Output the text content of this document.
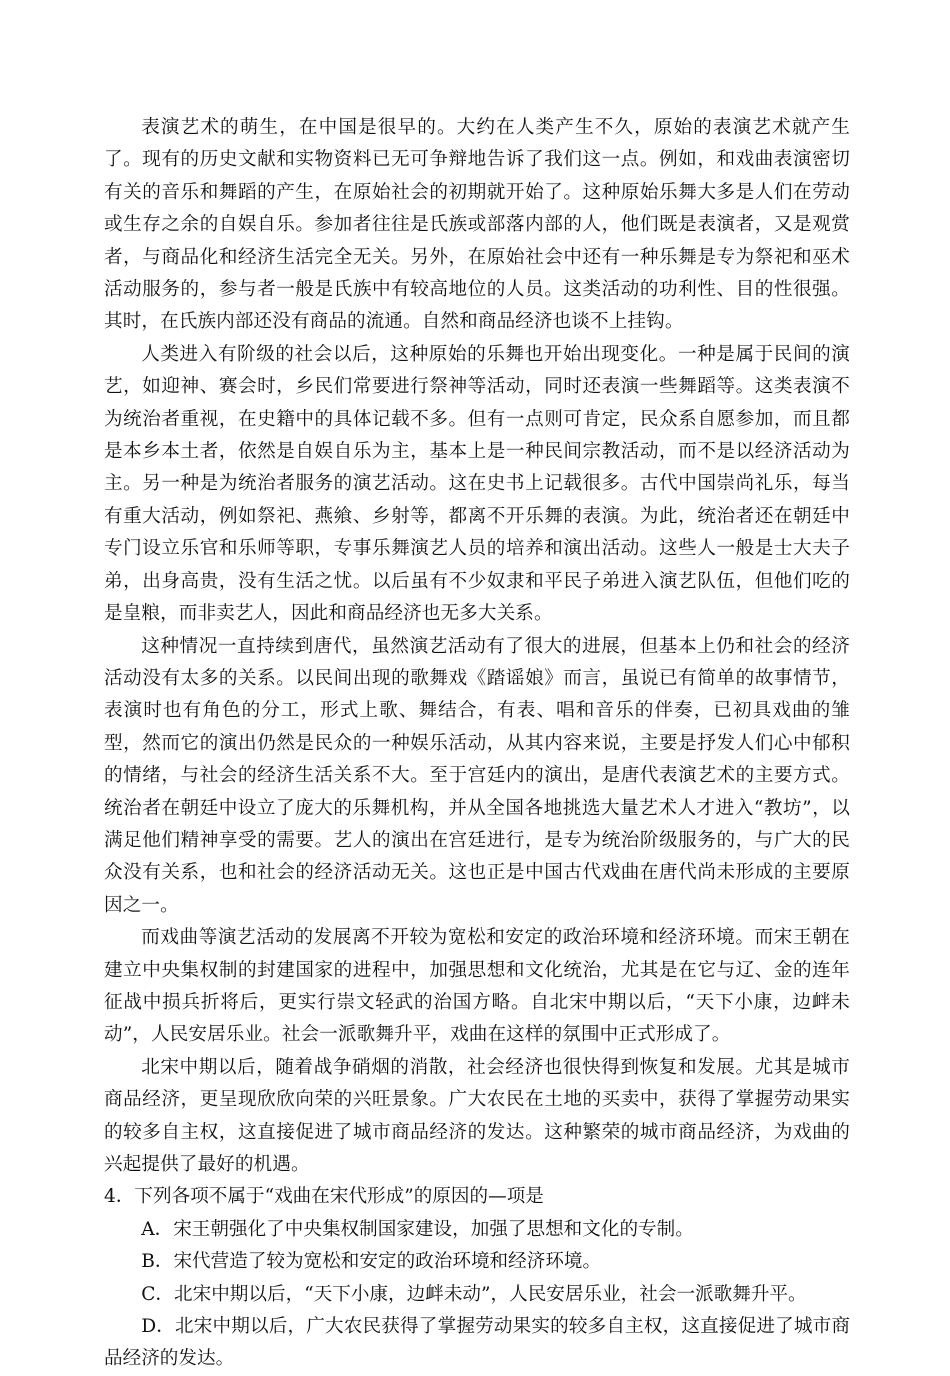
表演艺术的萌生，在中国是很早的。大约在人类产生不久，原始的表演艺术就产生了。现有的历史文献和实物资料已无可争辩地告诉了我们这一点。例如，和戏曲表演密切有关的音乐和舞蹈的产生，在原始社会的初期就开始了。这种原始乐舞大多是人们在劳动或生存之余的自娱自乐。参加者往往是氏族或部落内部的人，他们既是表演者，又是观赏者，与商品化和经济生活完全无关。另外，在原始社会中还有一种乐舞是专为祭祀和巫术活动服务的，参与者一般是氏族中有较高地位的人员。这类活动的功利性、目的性很强。其时，在氏族内部还没有商品的流通。自然和商品经济也谈不上挂钩。

人类进入有阶级的社会以后，这种原始的乐舞也开始出现变化。一种是属于民间的演艺，如迎神、赛会时，乡民们常要进行祭神等活动，同时还表演一些舞蹈等。这类表演不为统治者重视，在史籍中的具体记载不多。但有一点则可肯定，民众系自愿参加，而且都是本乡本土者，依然是自娱自乐为主，基本上是一种民间宗教活动，而不是以经济活动为主。另一种是为统治者服务的演艺活动。这在史书上记载很多。古代中国崇尚礼乐，每当有重大活动，例如祭祀、燕飨、乡射等，都离不开乐舞的表演。为此，统治者还在朝廷中专门设立乐官和乐师等职，专事乐舞演艺人员的培养和演出活动。这些人一般是士大夫子弟，出身高贵，没有生活之忧。以后虽有不少奴隶和平民子弟进入演艺队伍，但他们吃的是皇粮，而非卖艺人，因此和商品经济也无多大关系。

这种情况一直持续到唐代，虽然演艺活动有了很大的进展，但基本上仍和社会的经济活动没有太多的关系。以民间出现的歌舞戏《踏谣娘》而言，虽说已有简单的故事情节，表演时也有角色的分工，形式上歌、舞结合，有表、唱和音乐的伴奏，已初具戏曲的雏型，然而它的演出仍然是民众的一种娱乐活动，从其内容来说，主要是抒发人们心中郁积的情绪，与社会的经济生活关系不大。至于宫廷内的演出，是唐代表演艺术的主要方式。统治者在朝廷中设立了庞大的乐舞机构，并从全国各地挑选大量艺术人才进入“教坊”，以满足他们精神享受的需要。艺人的演出在宫廷进行，是专为统治阶级服务的，与广大的民众没有关系，也和社会的经济活动无关。这也正是中国古代戏曲在唐代尚未形成的主要原因之一。

而戏曲等演艺活动的发展离不开较为宽松和安定的政治环境和经济环境。而宋王朝在建立中央集权制的封建国家的进程中，加强思想和文化统治，尤其是在它与辽、金的连年征战中损兵折将后，更实行崇文轻武的治国方略。自北宋中期以后，“天下小康，边衅未动”，人民安居乐业。社会一派歌舞升平，戏曲在这样的氛围中正式形成了。

北宋中期以后，随着战争硝烟的消散，社会经济也很快得到恢复和发展。尤其是城市商品经济，更呈现欣欣向荣的兴旺景象。广大农民在土地的买卖中，获得了掌握劳动果实的较多自主权，这直接促进了城市商品经济的发达。这种繁荣的城市商品经济，为戏曲的兴起提供了最好的机遇。

4．下列各项不属于“戏曲在宋代形成”的原因的—项是

A．宋王朝强化了中央集权制国家建设，加强了思想和文化的专制。

B．宋代营造了较为宽松和安定的政治环境和经济环境。

C．北宋中期以后，“天下小康，边衅未动”，人民安居乐业，社会一派歌舞升平。

D．北宋中期以后，广大农民获得了掌握劳动果实的较多自主权，这直接促进了城市商品经济的发达。
